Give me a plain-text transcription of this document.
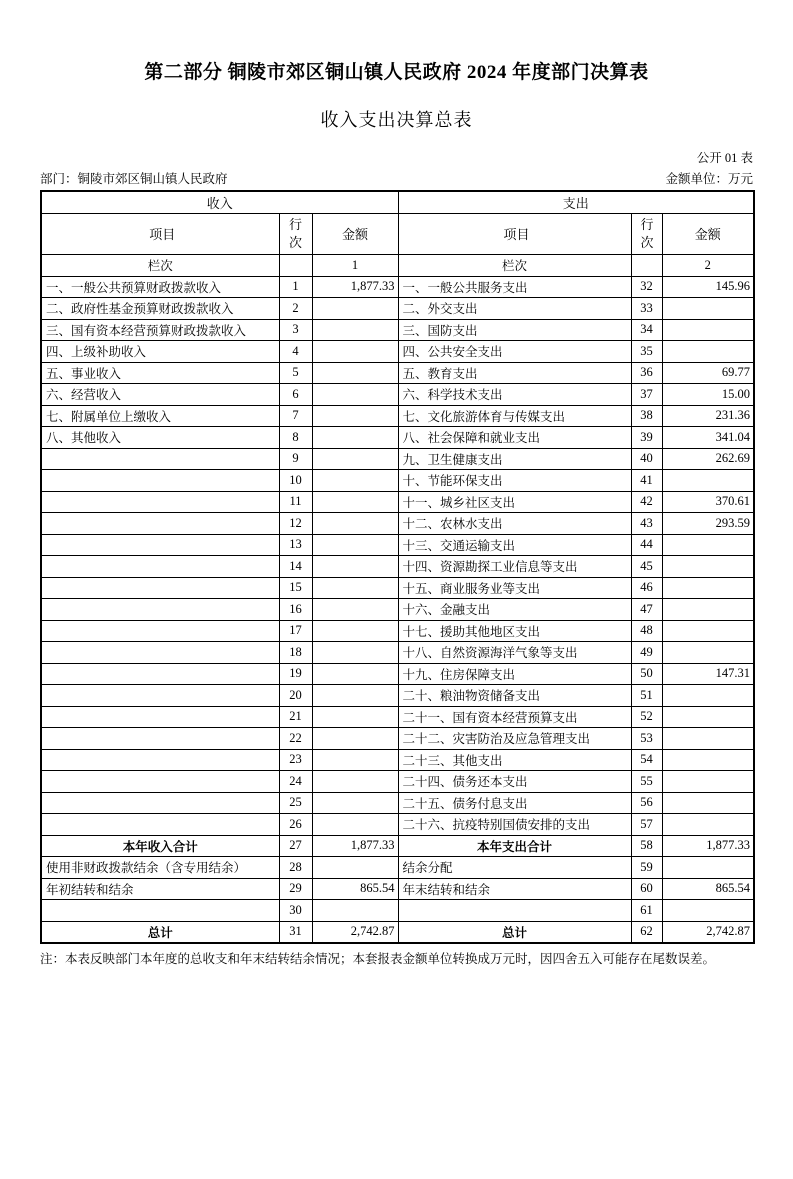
第二部分 铜陵市郊区铜山镇人民政府 2024 年度部门决算表
收入支出决算总表
公开 01 表
部门：铜陵市郊区铜山镇人民政府	金额单位：万元
收入			支出		
项目	行次	金额	项目	行次	金额
栏次		1	栏次		2
一、一般公共预算财政拨款收入	1	1,877.33	一、一般公共服务支出	32	145.96
二、政府性基金预算财政拨款收入	2		二、外交支出	33	
三、国有资本经营预算财政拨款收入	3		三、国防支出	34	
四、上级补助收入	4		四、公共安全支出	35	
五、事业收入	5		五、教育支出	36	69.77
六、经营收入	6		六、科学技术支出	37	15.00
七、附属单位上缴收入	7		七、文化旅游体育与传媒支出	38	231.36
八、其他收入	8		八、社会保障和就业支出	39	341.04
	9		九、卫生健康支出	40	262.69
	10		十、节能环保支出	41	
	11		十一、城乡社区支出	42	370.61
	12		十二、农林水支出	43	293.59
	13		十三、交通运输支出	44	
	14		十四、资源勘探工业信息等支出	45	
	15		十五、商业服务业等支出	46	
	16		十六、金融支出	47	
	17		十七、援助其他地区支出	48	
	18		十八、自然资源海洋气象等支出	49	
	19		十九、住房保障支出	50	147.31
	20		二十、粮油物资储备支出	51	
	21		二十一、国有资本经营预算支出	52	
	22		二十二、灾害防治及应急管理支出	53	
	23		二十三、其他支出	54	
	24		二十四、债务还本支出	55	
	25		二十五、债务付息支出	56	
	26		二十六、抗疫特别国债安排的支出	57	
本年收入合计	27	1,877.33	本年支出合计	58	1,877.33
使用非财政拨款结余（含专用结余）	28		结余分配	59	
年初结转和结余	29	865.54	年末结转和结余	60	865.54
	30			61	
总计	31	2,742.87	总计	62	2,742.87
注：本表反映部门本年度的总收支和年末结转结余情况；本套报表金额单位转换成万元时，因四舍五入可能存在尾数误差。
